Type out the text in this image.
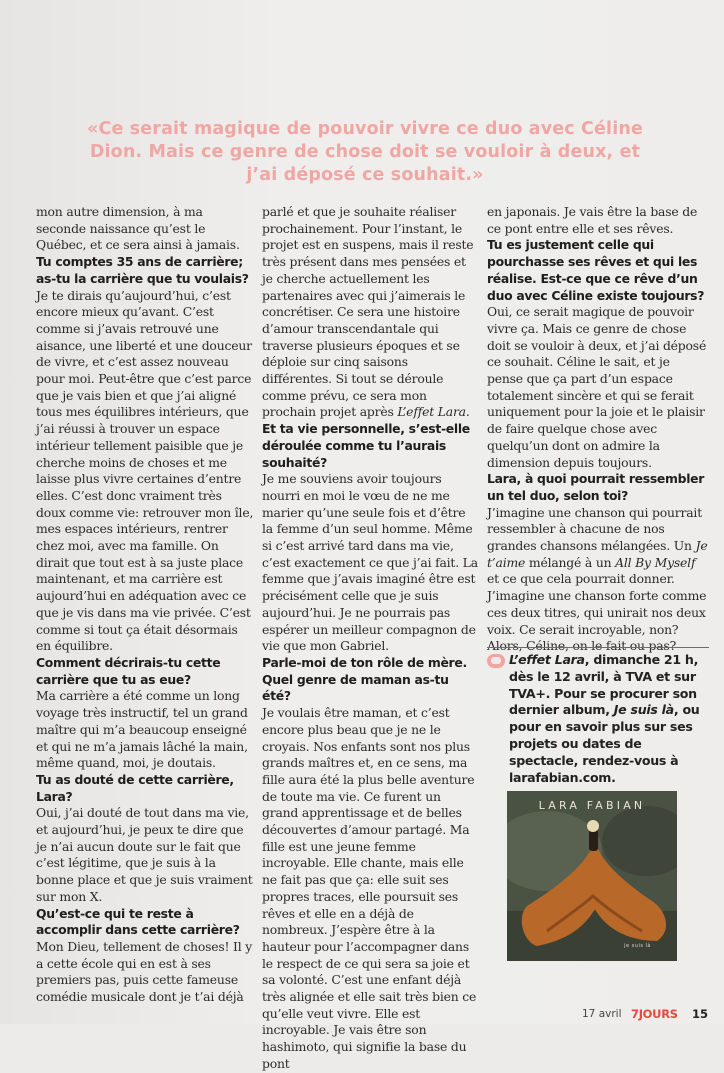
«Ce serait magique de pouvoir vivre ce duo avec Céline
Dion. Mais ce genre de chose doit se vouloir à deux, et
j’ai déposé ce souhait.»

mon autre dimension, à ma seconde naissance qu’est le Québec, et ce sera ainsi à jamais.

Tu comptes 35 ans de carrière; as-tu la carrière que tu voulais?

Je te dirais qu’aujourd’hui, c’est encore mieux qu’avant. C’est comme si j’avais retrouvé une aisance, une liberté et une douceur de vivre, et c’est assez nouveau pour moi. Peut-être que c’est parce que je vais bien et que j’ai aligné tous mes équilibres intérieurs, que j’ai réussi à trouver un espace intérieur tellement paisible que je cherche moins de choses et me laisse plus vivre certaines d’entre elles. C’est donc vraiment très doux comme vie: retrouver mon île, mes espaces intérieurs, rentrer chez moi, avec ma famille. On dirait que tout est à sa juste place maintenant, et ma carrière est aujourd’hui en adéquation avec ce que je vis dans ma vie privée. C’est comme si tout ça était désormais en équilibre.

Comment décrirais-tu cette carrière que tu as eue?

Ma carrière a été comme un long voyage très instructif, tel un grand maître qui m’a beaucoup enseigné et qui ne m’a jamais lâché la main, même quand, moi, je doutais.

Tu as douté de cette carrière, Lara?

Oui, j’ai douté de tout dans ma vie, et aujourd’hui, je peux te dire que je n’ai aucun doute sur le fait que c’est légitime, que je suis à la bonne place et que je suis vraiment sur mon X.

Qu’est-ce qui te reste à accomplir dans cette carrière?

Mon Dieu, tellement de choses! Il y a cette école qui en est à ses premiers pas, puis cette fameuse comédie musicale dont je t’ai déjà

parlé et que je souhaite réaliser prochainement. Pour l’instant, le projet est en suspens, mais il reste très présent dans mes pensées et je cherche actuellement les partenaires avec qui j’aimerais le concrétiser. Ce sera une histoire d’amour transcendantale qui traverse plusieurs époques et se déploie sur cinq saisons différentes. Si tout se déroule comme prévu, ce sera mon prochain projet après L’effet Lara.

Et ta vie personnelle, s’est-elle déroulée comme tu l’aurais souhaité?

Je me souviens avoir toujours nourri en moi le vœu de ne me marier qu’une seule fois et d’être la femme d’un seul homme. Même si c’est arrivé tard dans ma vie, c’est exactement ce que j’ai fait. La femme que j’avais imaginé être est précisément celle que je suis aujourd’hui. Je ne pourrais pas espérer un meilleur compagnon de vie que mon Gabriel.

Parle-moi de ton rôle de mère. Quel genre de maman as-tu été?

Je voulais être maman, et c’est encore plus beau que je ne le croyais. Nos enfants sont nos plus grands maîtres et, en ce sens, ma fille aura été la plus belle aventure de toute ma vie. Ce furent un grand apprentissage et de belles découvertes d’amour partagé. Ma fille est une jeune femme incroyable. Elle chante, mais elle ne fait pas que ça: elle suit ses propres traces, elle poursuit ses rêves et elle en a déjà de nombreux. J’espère être à la hauteur pour l’accompagner dans le respect de ce qui sera sa joie et sa volonté. C’est une enfant déjà très alignée et elle sait très bien ce qu’elle veut vivre. Elle est incroyable. Je vais être son hashimoto, qui signifie la base du pont

en japonais. Je vais être la base de ce pont entre elle et ses rêves.

Tu es justement celle qui pourchasse ses rêves et qui les réalise. Est-ce que ce rêve d’un duo avec Céline existe toujours?

Oui, ce serait magique de pouvoir vivre ça. Mais ce genre de chose doit se vouloir à deux, et j’ai déposé ce souhait. Céline le sait, et je pense que ça part d’un espace totalement sincère et qui se ferait uniquement pour la joie et le plaisir de faire quelque chose avec quelqu’un dont on admire la dimension depuis toujours.

Lara, à quoi pourrait ressembler un tel duo, selon toi?

J’imagine une chanson qui pourrait ressembler à chacune de nos grandes chansons mélangées. Un Je t’aime mélangé à un All By Myself et ce que cela pourrait donner. J’imagine une chanson forte comme ces deux titres, qui unirait nos deux voix. Ce serait incroyable, non? Alors, Céline, on le fait ou pas?

L’effet Lara, dimanche 21 h, dès le 12 avril, à TVA et sur TVA+. Pour se procurer son dernier album, Je suis là, ou pour en savoir plus sur ses projets ou dates de spectacle, rendez-vous à larafabian.com.
LARA FABIAN
je suis là
17 avril 7JOURS 15
